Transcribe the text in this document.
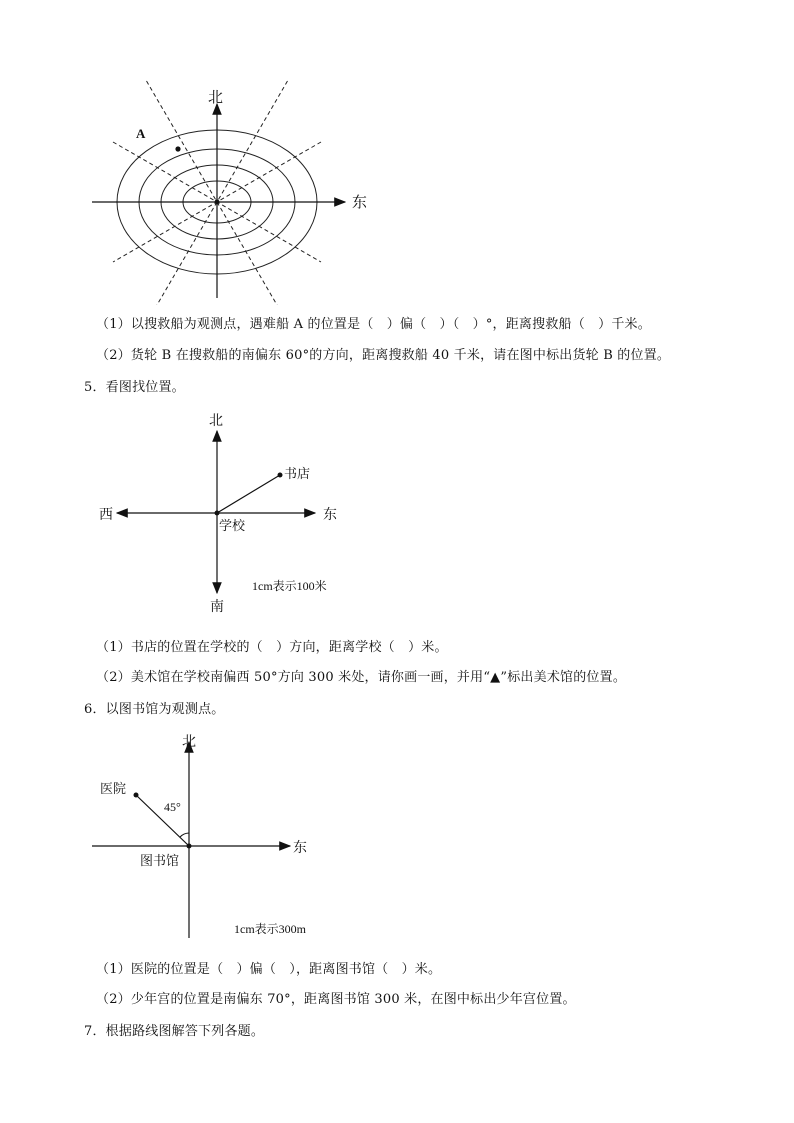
北
东
A
（1）以搜救船为观测点，遇难船 A 的位置是（　）偏（　）（　）°，距离搜救船（　）千米。
（2）货轮 B 在搜救船的南偏东 60°的方向，距离搜救船 40 千米，请在图中标出货轮 B 的位置。
5．看图找位置。
北
南
西	东
学校
书店
1cm表示100米
（1）书店的位置在学校的（　）方向，距离学校（　）米。
（2）美术馆在学校南偏西 50°方向 300 米处，请你画一画，并用“▲”标出美术馆的位置。
6．以图书馆为观测点。
北
东
医院
45°
图书馆
1cm表示300m
（1）医院的位置是（　）偏（　），距离图书馆（　）米。
（2）少年宫的位置是南偏东 70°，距离图书馆 300 米，在图中标出少年宫位置。
7．根据路线图解答下列各题。
